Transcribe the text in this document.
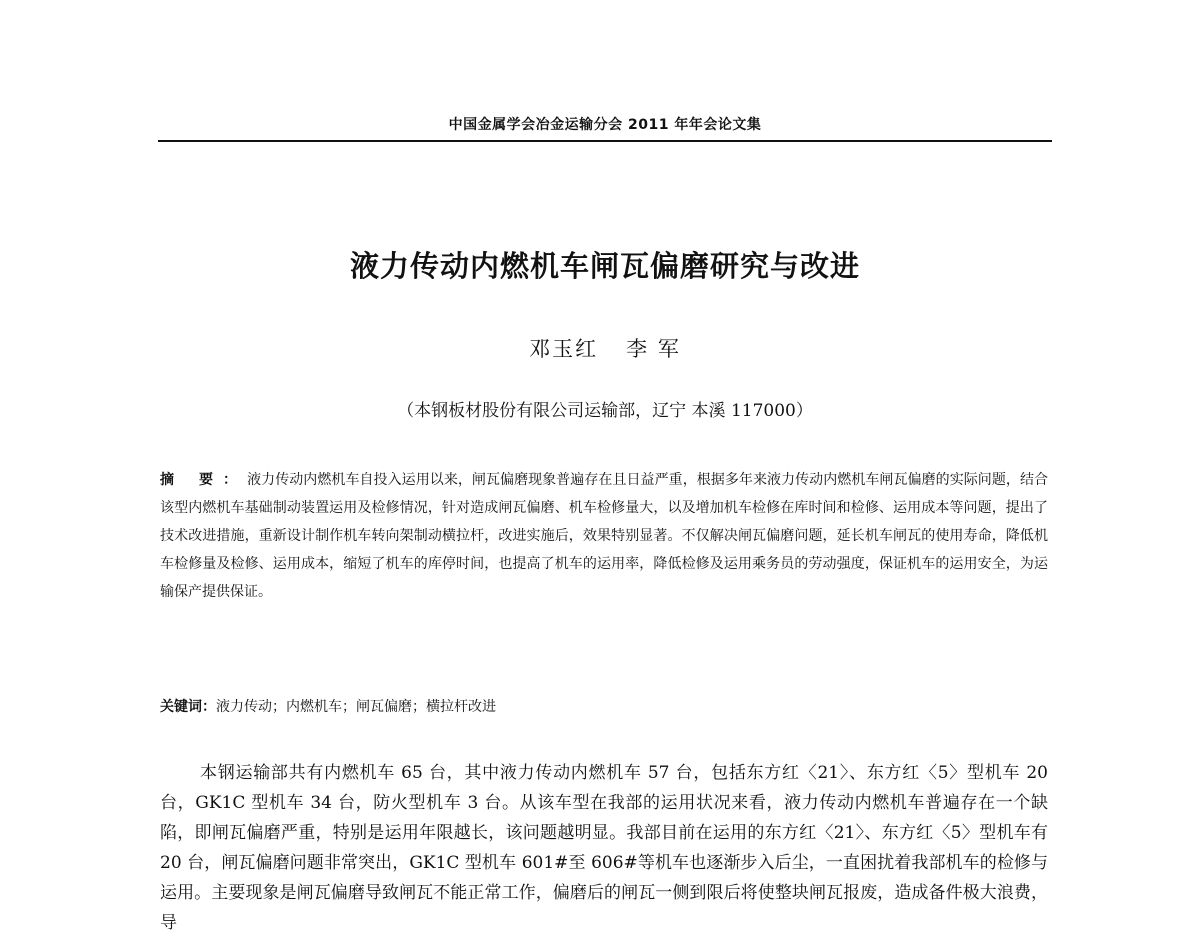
中国金属学会冶金运输分会 2011 年年会论文集
液力传动内燃机车闸瓦偏磨研究与改进
邓玉红 李 军
（本钢板材股份有限公司运输部，辽宁 本溪 117000）
摘 要：液力传动内燃机车自投入运用以来，闸瓦偏磨现象普遍存在且日益严重，根据多年来液力传动内燃机车闸瓦偏磨的实际问题，结合该型内燃机车基础制动装置运用及检修情况，针对造成闸瓦偏磨、机车检修量大，以及增加机车检修在库时间和检修、运用成本等问题，提出了技术改进措施，重新设计制作机车转向架制动横拉杆，改进实施后，效果特别显著。不仅解决闸瓦偏磨问题，延长机车闸瓦的使用寿命，降低机车检修量及检修、运用成本，缩短了机车的库停时间，也提高了机车的运用率，降低检修及运用乘务员的劳动强度，保证机车的运用安全，为运输保产提供保证。
关键词：液力传动；内燃机车；闸瓦偏磨；横拉杆改进
本钢运输部共有内燃机车 65 台，其中液力传动内燃机车 57 台，包括东方红〈21〉、东方红〈5〉型机车 20 台，GK1C 型机车 34 台，防火型机车 3 台。从该车型在我部的运用状况来看，液力传动内燃机车普遍存在一个缺陷，即闸瓦偏磨严重，特别是运用年限越长，该问题越明显。我部目前在运用的东方红〈21〉、东方红〈5〉型机车有 20 台，闸瓦偏磨问题非常突出，GK1C 型机车 601#至 606#等机车也逐渐步入后尘，一直困扰着我部机车的检修与运用。主要现象是闸瓦偏磨导致闸瓦不能正常工作，偏磨后的闸瓦一侧到限后将使整块闸瓦报废，造成备件极大浪费，导
